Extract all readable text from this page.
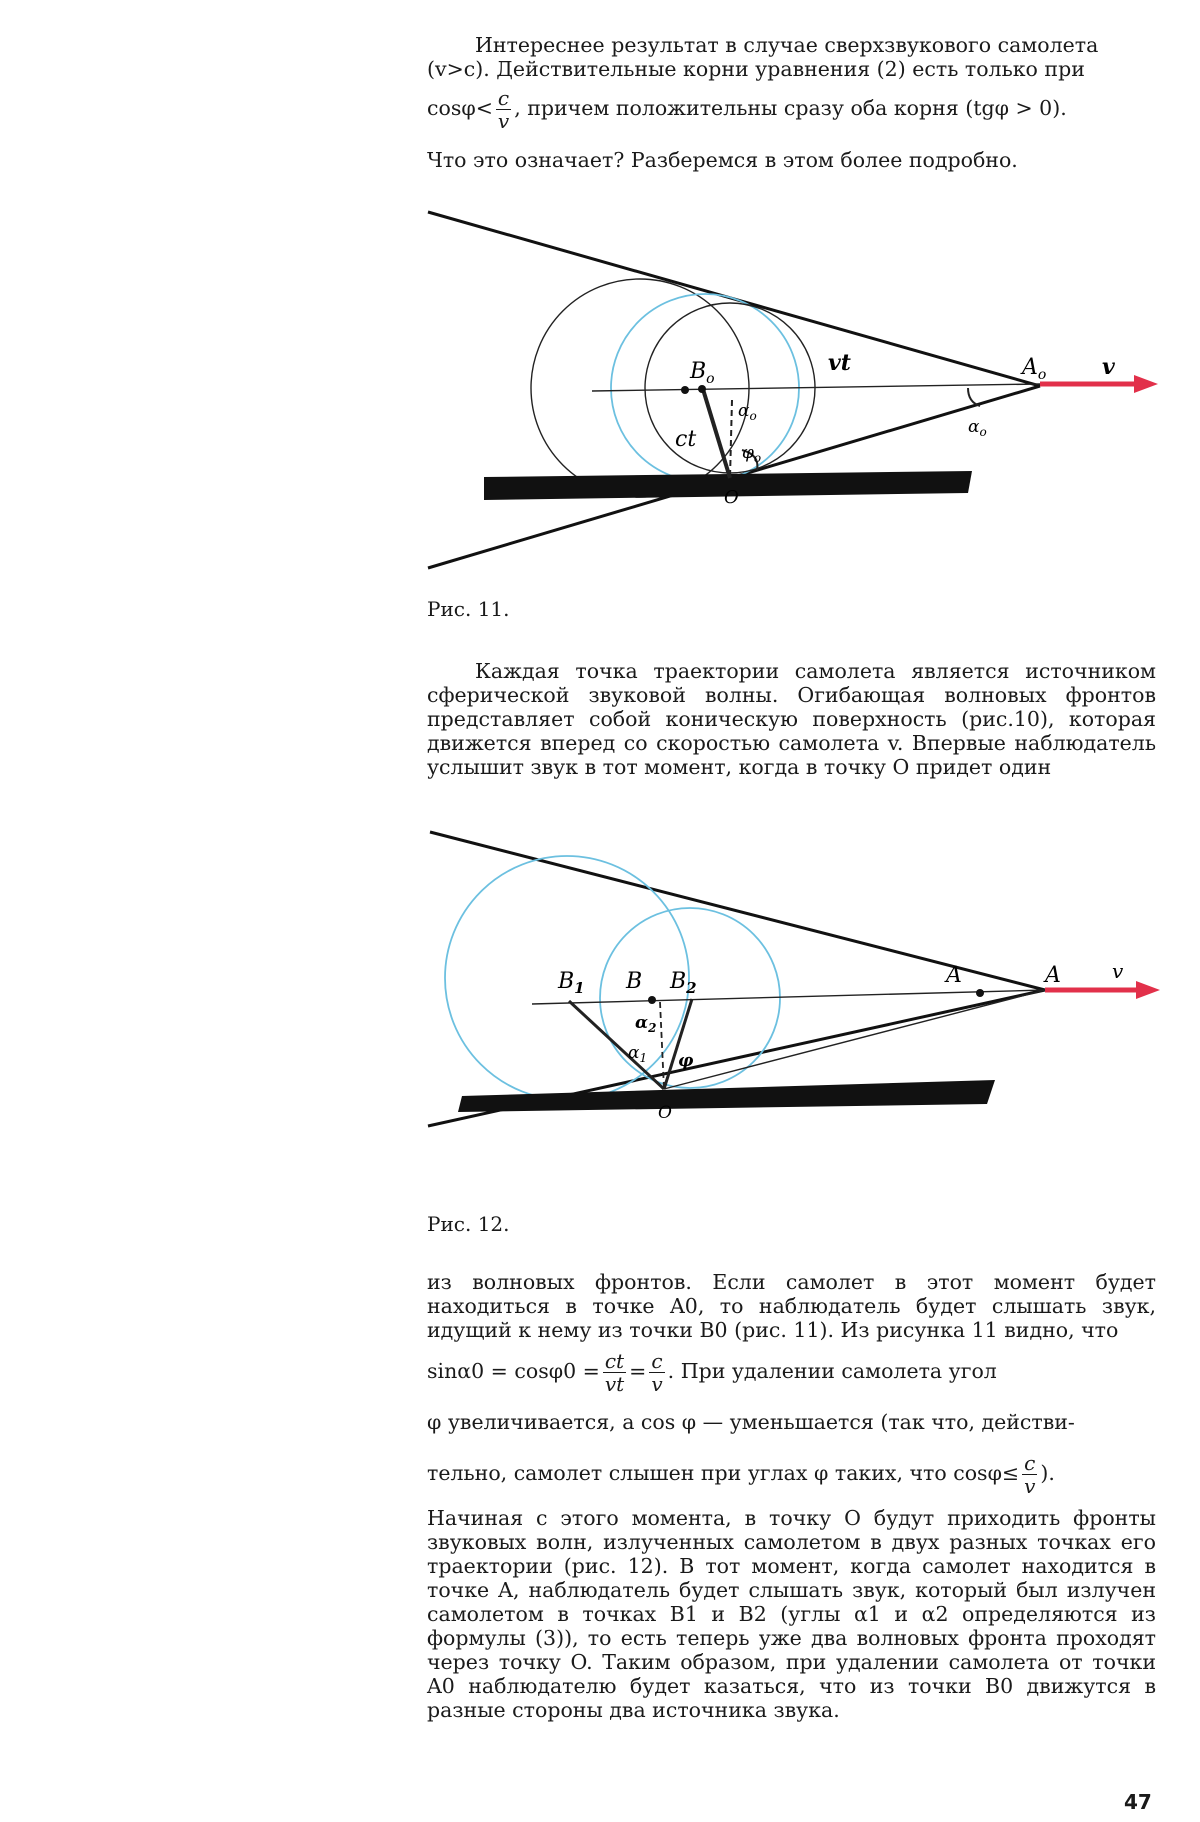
Интереснее результат в случае сверхзвукового самолета
(v>c). Действительные корни уравнения (2) есть только при
$\cos\varphi< \frac{c}{v}$ , причем положительны сразу оба корня (tgφ > 0).
Что это означает? Разберемся в этом более подробно.
$B_o$
vt	$A_o$	v
ct
$\alpha_o$
$\varphi_o$
$\alpha_o$
O
Рис. 11.

Каждая точка траектории самолета является источником сферической звуковой волны. Огибающая волновых фронтов представляет собой коническую поверхность (рис.10), которая движется вперед со скоростью самолета v. Впервые наблюдатель услышит звук в тот момент, когда в точку O придет один

$B_1$ B $B_2$	A	A	v
$\alpha_2$
$\alpha_1$ φ
O
Рис. 12.

из волновых фронтов. Если самолет в этот момент будет находиться в точке A0, то наблюдатель будет слышать звук, идущий к нему из точки B0 (рис. 11). Из рисунка 11 видно, что

$\sin\alpha 0 = \cos\varphi 0 = \frac{ct}{vt} = \frac{c}{v}$ . При удалении самолета угол
φ увеличивается, а cos φ — уменьшается (так что, действи-
тельно, самолет слышен при углах φ таких, что $\cos\varphi\le \frac{c}{v}$ ).

Начиная с этого момента, в точку O будут приходить фронты звуковых волн, излученных самолетом в двух разных точках его траектории (рис. 12). В тот момент, когда самолет находится в точке A, наблюдатель будет слышать звук, который был излучен самолетом в точках B1 и B2 (углы α1 и α2 определяются из формулы (3)), то есть теперь уже два волновых фронта проходят через точку O. Таким образом, при удалении самолета от точки A0 наблюдателю будет казаться, что из точки B0 движутся в разные стороны два источника звука.

47
